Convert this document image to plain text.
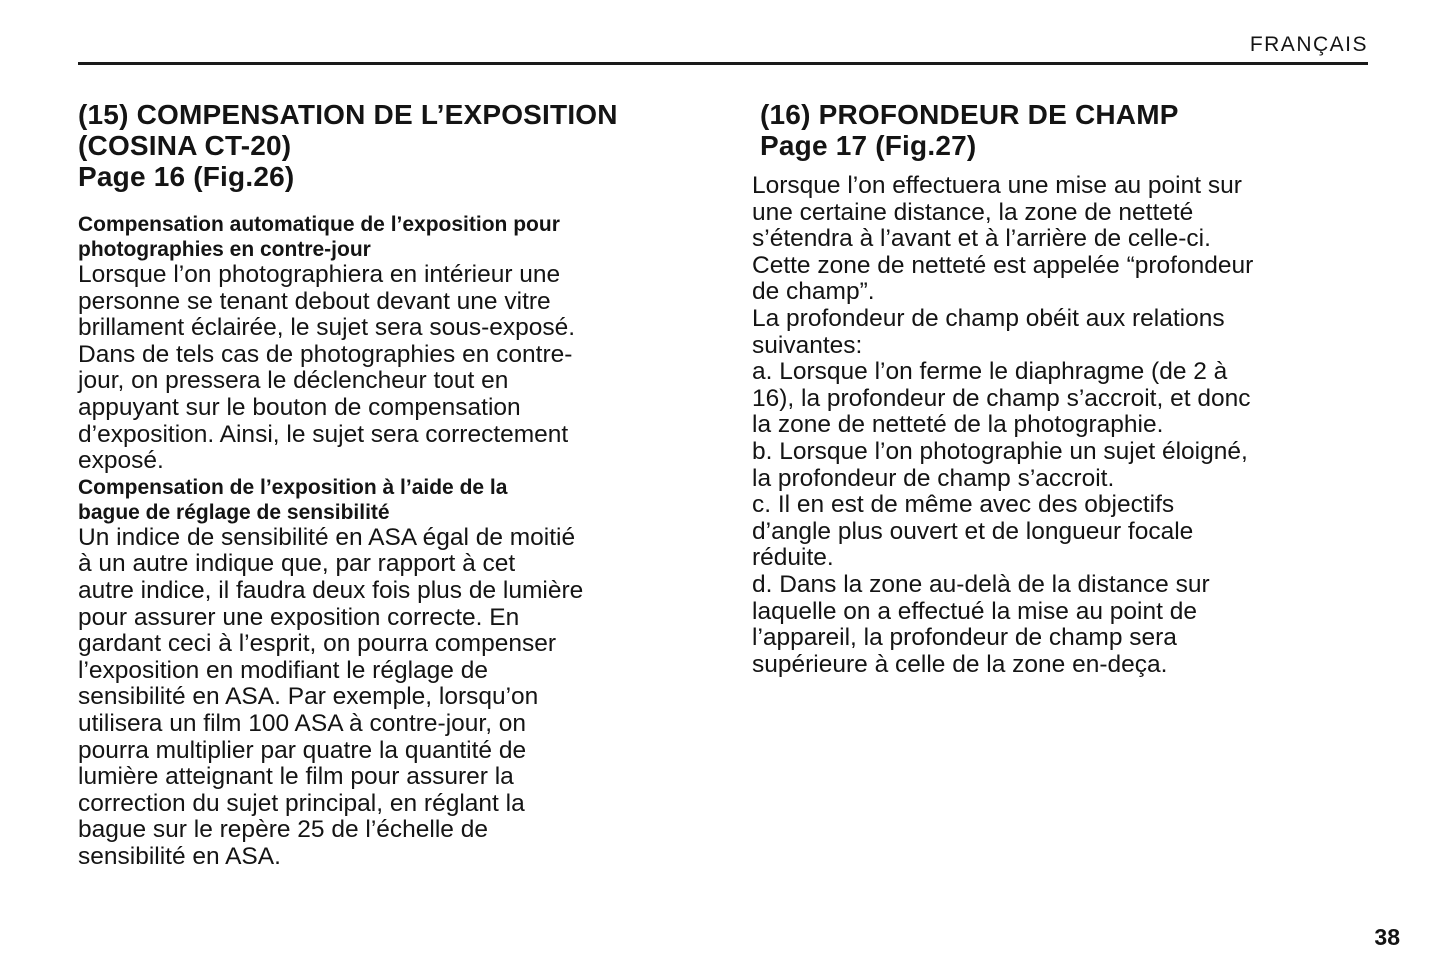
FRANÇAIS
(15) COMPENSATION DE L’EXPOSITION
(COSINA CT-20)
Page 16 (Fig.26)
Compensation automatique de l’exposition pour
photographies en contre-jour
Lorsque l’on photographiera en intérieur une
personne se tenant debout devant une vitre
brillament éclairée, le sujet sera sous-exposé.
Dans de tels cas de photographies en contre-
jour, on pressera le déclencheur tout en
appuyant sur le bouton de compensation
d’exposition. Ainsi, le sujet sera correctement
exposé.
Compensation de l’exposition à l’aide de la
bague de réglage de sensibilité
Un indice de sensibilité en ASA égal de moitié
à un autre indique que, par rapport à cet
autre indice, il faudra deux fois plus de lumière
pour assurer une exposition correcte. En
gardant ceci à l’esprit, on pourra compenser
l’exposition en modifiant le réglage de
sensibilité en ASA. Par exemple, lorsqu’on
utilisera un film 100 ASA à contre-jour, on
pourra multiplier par quatre la quantité de
lumière atteignant le film pour assurer la
correction du sujet principal, en réglant la
bague sur le repère 25 de l’échelle de
sensibilité en ASA.
(16) PROFONDEUR DE CHAMP
Page 17 (Fig.27)
Lorsque l’on effectuera une mise au point sur
une certaine distance, la zone de netteté
s’étendra à l’avant et à l’arrière de celle-ci.
Cette zone de netteté est appelée “profondeur
de champ”.
La profondeur de champ obéit aux relations
suivantes:
a. Lorsque l’on ferme le diaphragme (de 2 à
16), la profondeur de champ s’accroit, et donc
la zone de netteté de la photographie.
b. Lorsque l’on photographie un sujet éloigné,
la profondeur de champ s’accroit.
c. Il en est de même avec des objectifs
d’angle plus ouvert et de longueur focale
réduite.
d. Dans la zone au-delà de la distance sur
laquelle on a effectué la mise au point de
l’appareil, la profondeur de champ sera
supérieure à celle de la zone en-deça.
38
